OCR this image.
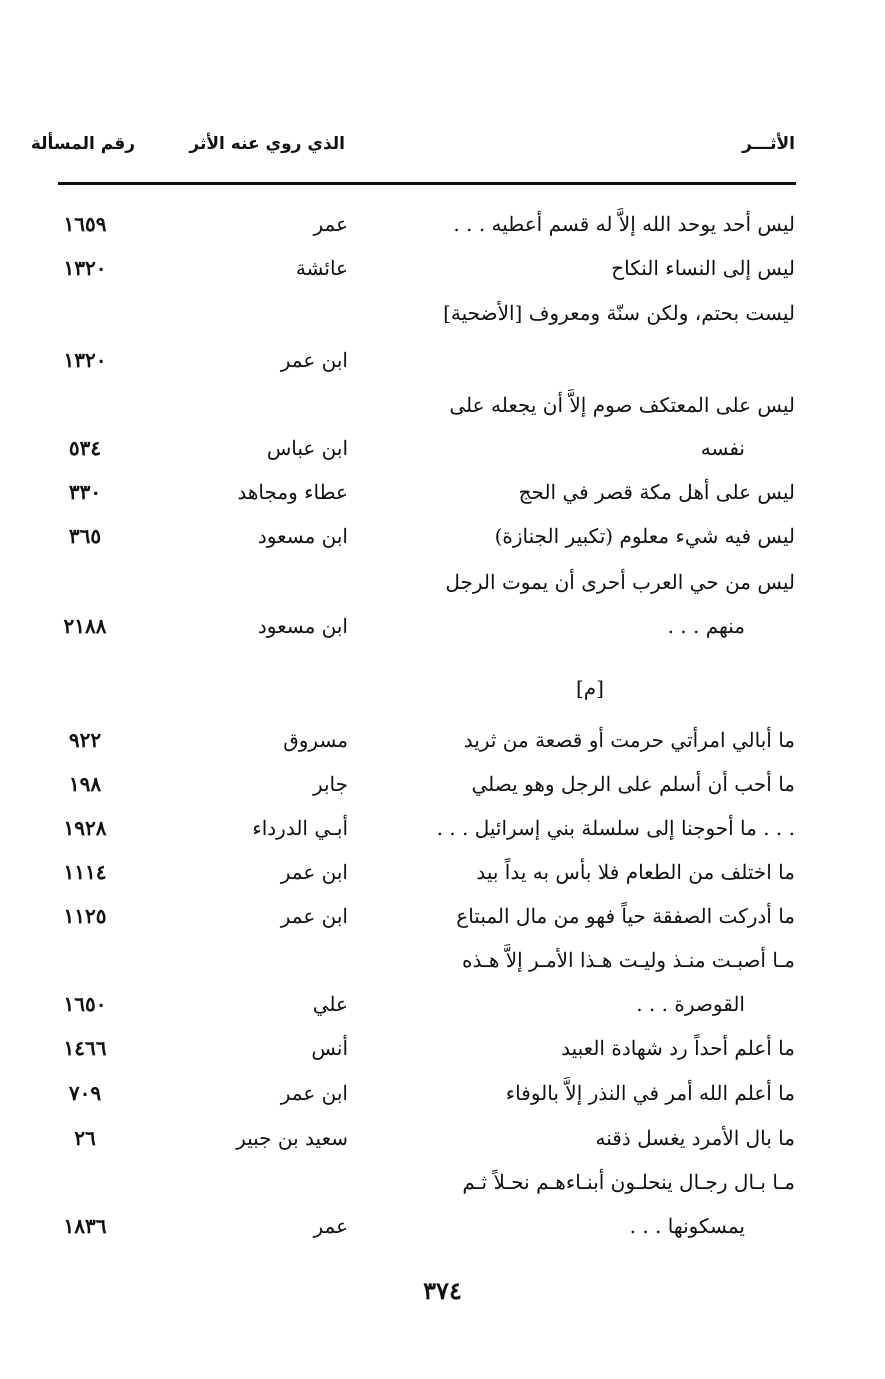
الأثـــر
الذي روي عنه الأثر
رقم المسألة
ليس أحد يوحد الله إلاَّ له قسم أعطيه . . .
عمر
١٦٥٩
ليس إلى النساء النكاح
عائشة
١٣٢٠
ليست بحتم، ولكن سنّة ومعروف [الأضحية]
ابن عمر
١٣٢٠
ليس على المعتكف صوم إلاَّ أن يجعله على
نفسه
ابن عباس
٥٣٤
ليس على أهل مكة قصر في الحج
عطاء ومجاهد
٣٣٠
ليس فيه شيء معلوم (تكبير الجنازة)
ابن مسعود
٣٦٥
ليس من حي العرب أحرى أن يموت الرجل
منهم . . .
ابن مسعود
٢١٨٨
[م]
ما أبالي امرأتي حرمت أو قصعة من ثريد
مسروق
٩٢٢
ما أحب أن أسلم على الرجل وهو يصلي
جابر
١٩٨
. . . ما أحوجنا إلى سلسلة بني إسرائيل . . .
أبـي الدرداء
١٩٢٨
ما اختلف من الطعام فلا بأس به يداً بيد
ابن عمر
١١١٤
ما أدركت الصفقة حياً فهو من مال المبتاع
ابن عمر
١١٢٥
مـا أصبـت منـذ وليـت هـذا الأمـر إلاَّ هـذه
القوصرة . . .
علي
١٦٥٠
ما أعلم أحداً رد شهادة العبيد
أنس
١٤٦٦
ما أعلم الله أمر في النذر إلاَّ بالوفاء
ابن عمر
٧٠٩
ما بال الأمرد يغسل ذقنه
سعيد بن جبير
٢٦
مـا بـال رجـال ينحلـون أبنـاءهـم نحـلاً ثـم
يمسكونها . . .
عمر
١٨٣٦
٣٧٤
